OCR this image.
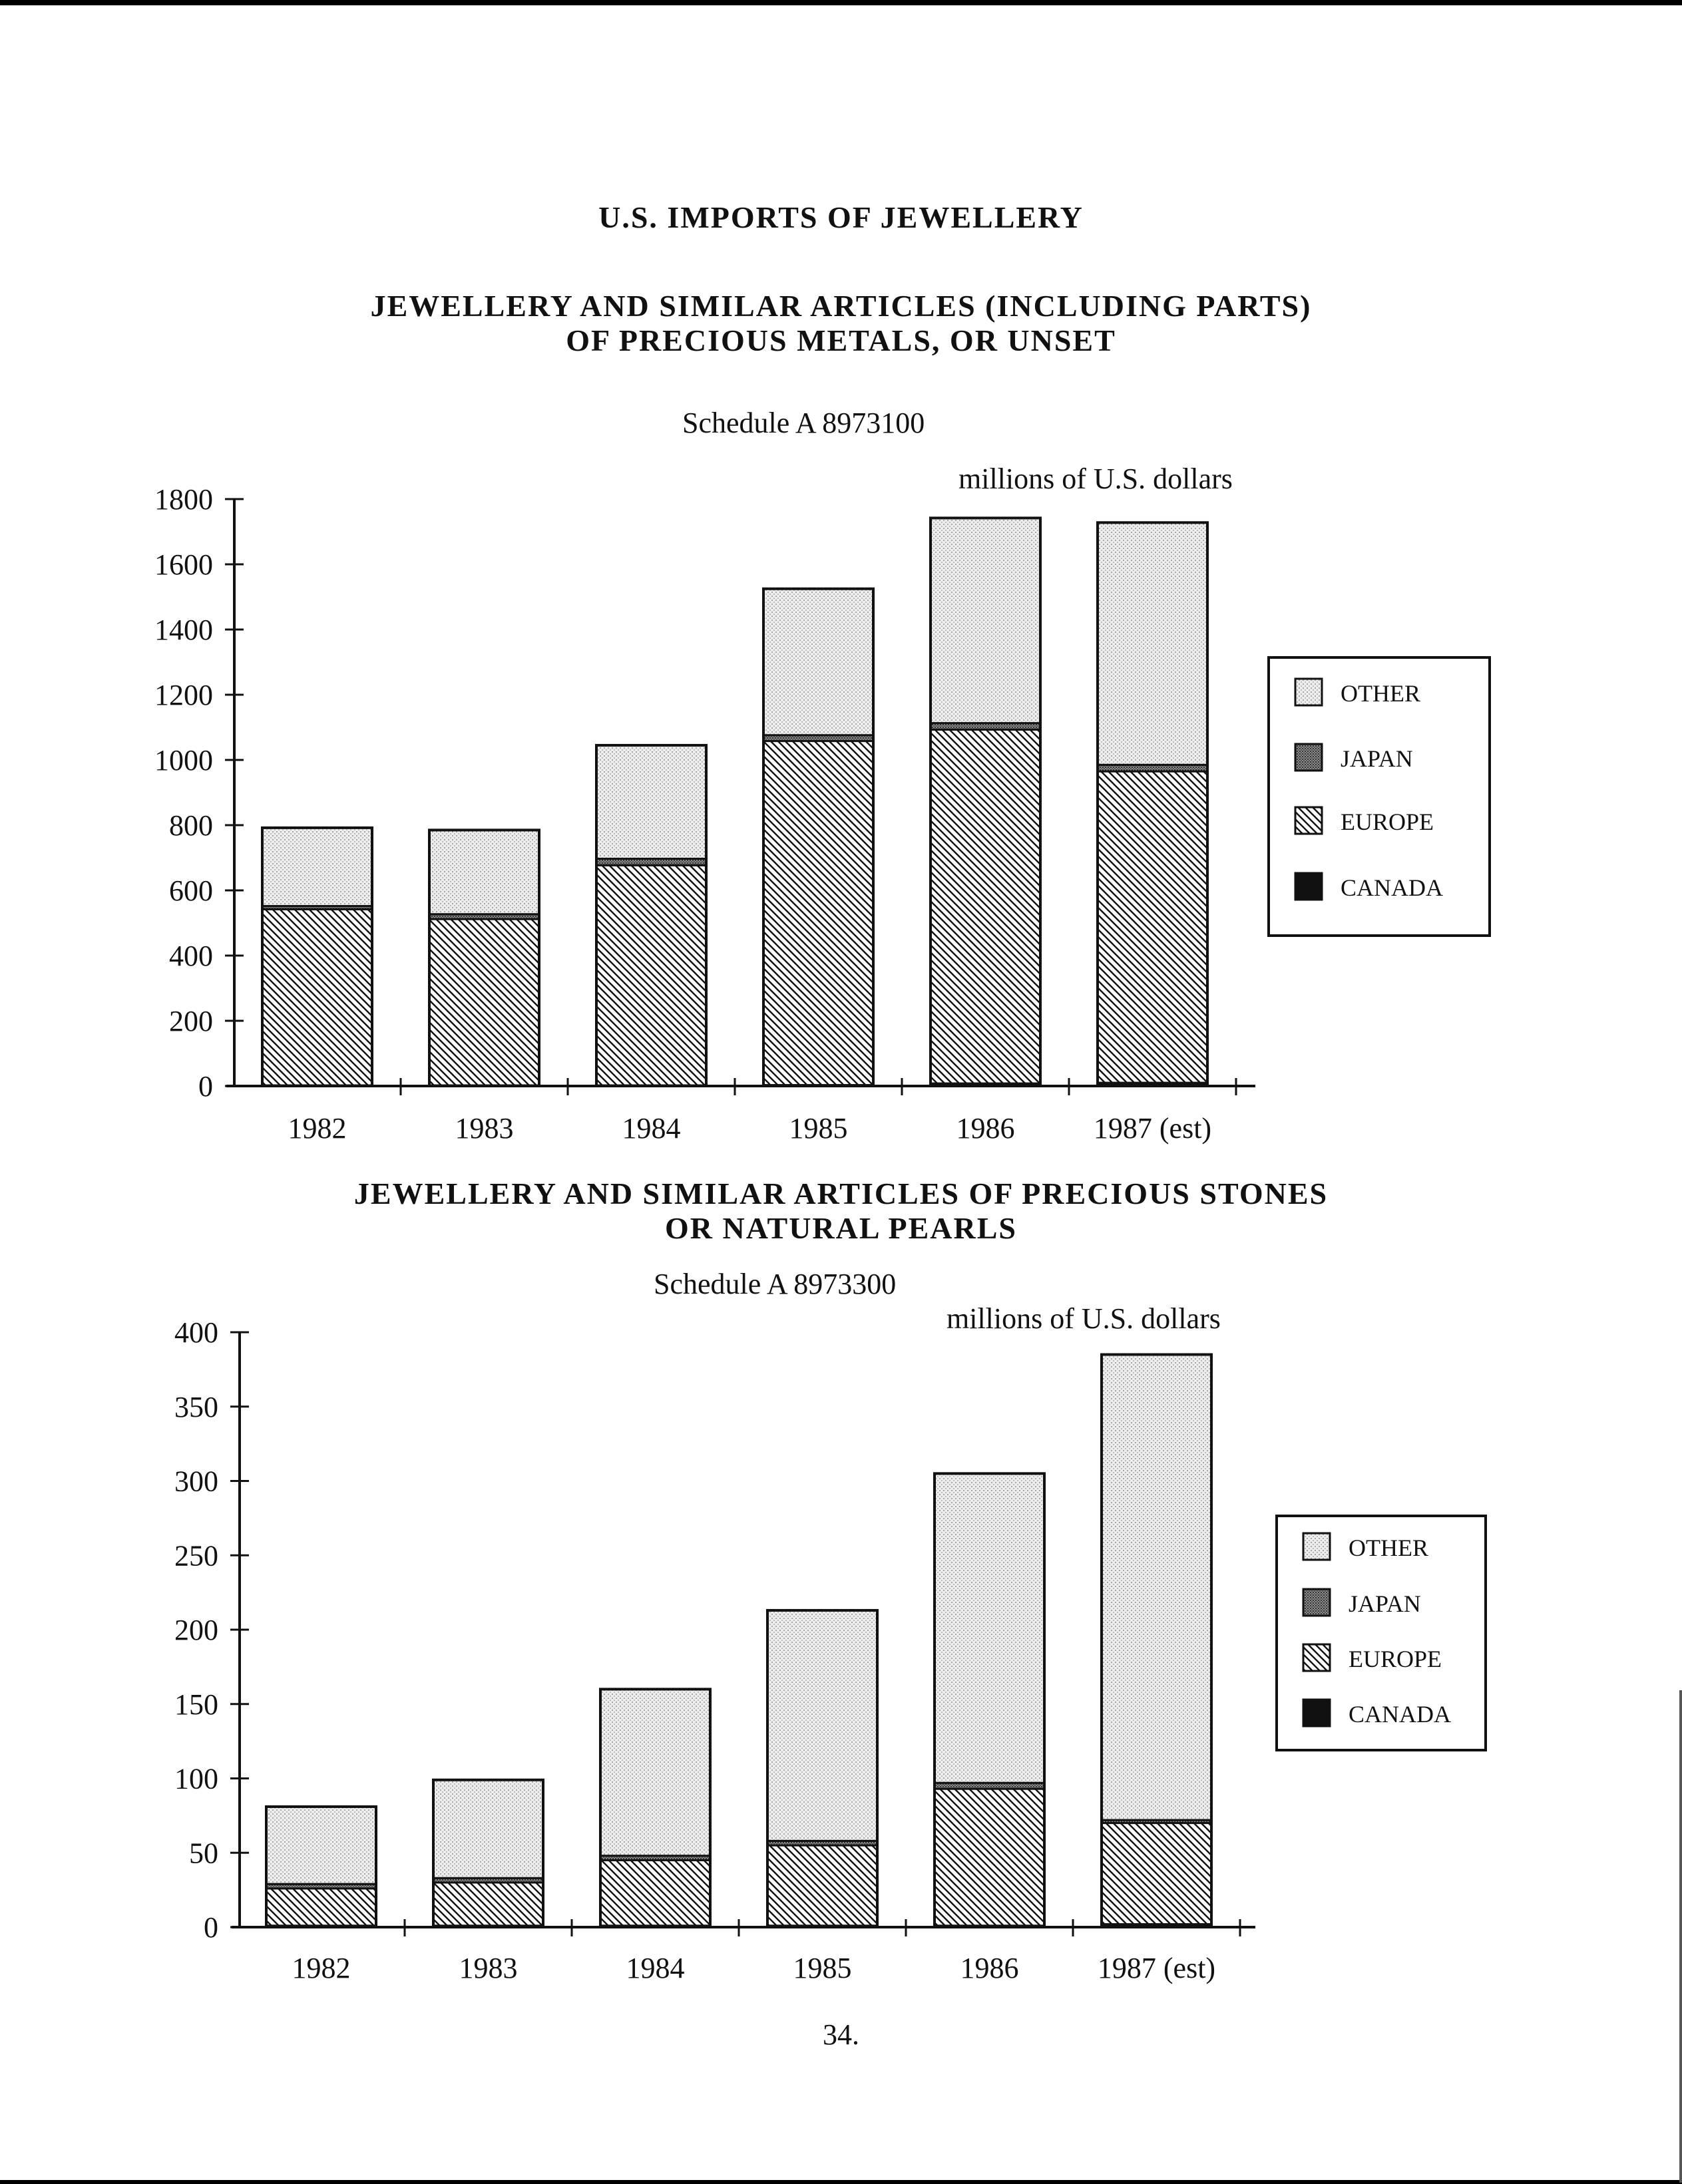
U.S. IMPORTS OF JEWELLERY
JEWELLERY AND SIMILAR ARTICLES (INCLUDING PARTS)
OF PRECIOUS METALS, OR UNSET
Schedule A 8973100
millions of U.S. dollars
0
200
400
600
800
1000
1200
1400
1600
1800
1982	1983	1984	1985	1986	1987 (est)
OTHER
JAPAN
EUROPE
CANADA
0
50
100
150
200
250
300
350
400
1982	1983	1984	1985	1986	1987 (est)
OTHER
JAPAN
EUROPE
CANADA
JEWELLERY AND SIMILAR ARTICLES OF PRECIOUS STONES
OR NATURAL PEARLS
Schedule A 8973300
millions of U.S. dollars
34.
